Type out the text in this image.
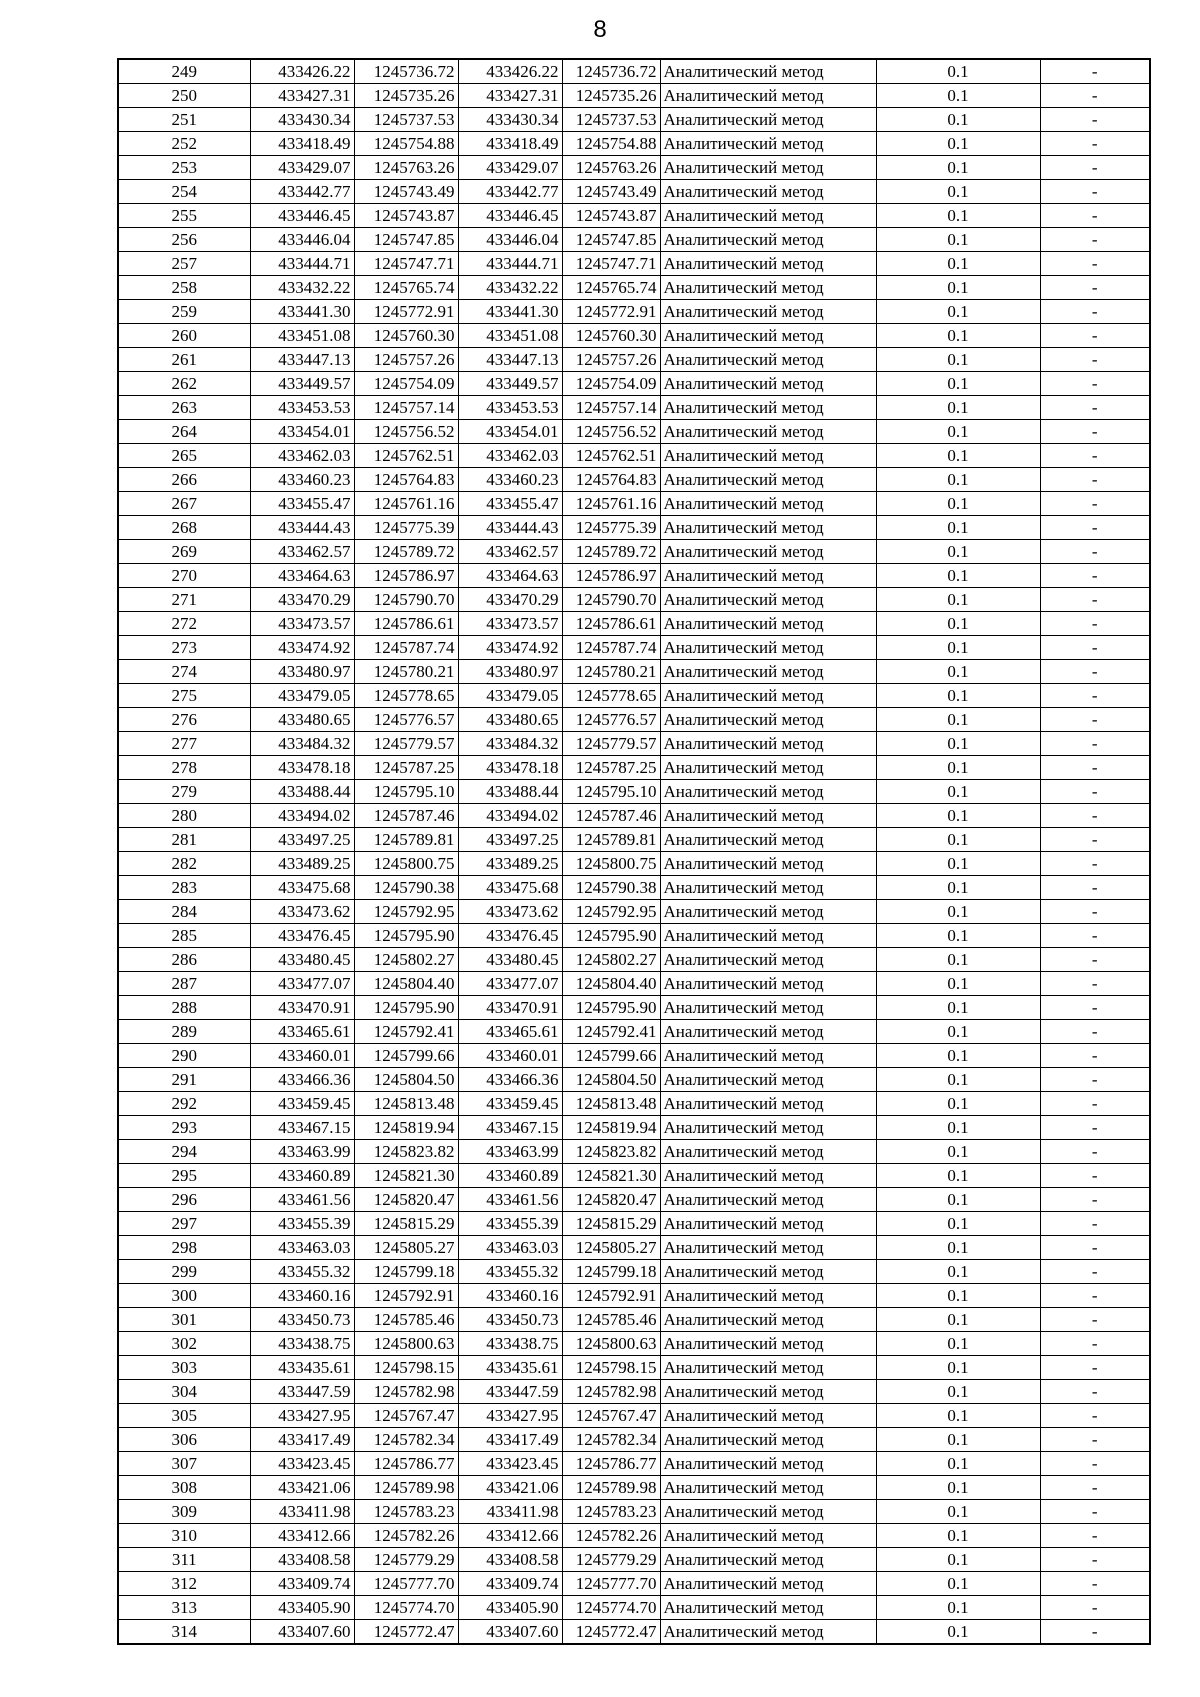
8
249	433426.22	1245736.72	433426.22	1245736.72	Аналитический метод	0.1	-
250	433427.31	1245735.26	433427.31	1245735.26	Аналитический метод	0.1	-
251	433430.34	1245737.53	433430.34	1245737.53	Аналитический метод	0.1	-
252	433418.49	1245754.88	433418.49	1245754.88	Аналитический метод	0.1	-
253	433429.07	1245763.26	433429.07	1245763.26	Аналитический метод	0.1	-
254	433442.77	1245743.49	433442.77	1245743.49	Аналитический метод	0.1	-
255	433446.45	1245743.87	433446.45	1245743.87	Аналитический метод	0.1	-
256	433446.04	1245747.85	433446.04	1245747.85	Аналитический метод	0.1	-
257	433444.71	1245747.71	433444.71	1245747.71	Аналитический метод	0.1	-
258	433432.22	1245765.74	433432.22	1245765.74	Аналитический метод	0.1	-
259	433441.30	1245772.91	433441.30	1245772.91	Аналитический метод	0.1	-
260	433451.08	1245760.30	433451.08	1245760.30	Аналитический метод	0.1	-
261	433447.13	1245757.26	433447.13	1245757.26	Аналитический метод	0.1	-
262	433449.57	1245754.09	433449.57	1245754.09	Аналитический метод	0.1	-
263	433453.53	1245757.14	433453.53	1245757.14	Аналитический метод	0.1	-
264	433454.01	1245756.52	433454.01	1245756.52	Аналитический метод	0.1	-
265	433462.03	1245762.51	433462.03	1245762.51	Аналитический метод	0.1	-
266	433460.23	1245764.83	433460.23	1245764.83	Аналитический метод	0.1	-
267	433455.47	1245761.16	433455.47	1245761.16	Аналитический метод	0.1	-
268	433444.43	1245775.39	433444.43	1245775.39	Аналитический метод	0.1	-
269	433462.57	1245789.72	433462.57	1245789.72	Аналитический метод	0.1	-
270	433464.63	1245786.97	433464.63	1245786.97	Аналитический метод	0.1	-
271	433470.29	1245790.70	433470.29	1245790.70	Аналитический метод	0.1	-
272	433473.57	1245786.61	433473.57	1245786.61	Аналитический метод	0.1	-
273	433474.92	1245787.74	433474.92	1245787.74	Аналитический метод	0.1	-
274	433480.97	1245780.21	433480.97	1245780.21	Аналитический метод	0.1	-
275	433479.05	1245778.65	433479.05	1245778.65	Аналитический метод	0.1	-
276	433480.65	1245776.57	433480.65	1245776.57	Аналитический метод	0.1	-
277	433484.32	1245779.57	433484.32	1245779.57	Аналитический метод	0.1	-
278	433478.18	1245787.25	433478.18	1245787.25	Аналитический метод	0.1	-
279	433488.44	1245795.10	433488.44	1245795.10	Аналитический метод	0.1	-
280	433494.02	1245787.46	433494.02	1245787.46	Аналитический метод	0.1	-
281	433497.25	1245789.81	433497.25	1245789.81	Аналитический метод	0.1	-
282	433489.25	1245800.75	433489.25	1245800.75	Аналитический метод	0.1	-
283	433475.68	1245790.38	433475.68	1245790.38	Аналитический метод	0.1	-
284	433473.62	1245792.95	433473.62	1245792.95	Аналитический метод	0.1	-
285	433476.45	1245795.90	433476.45	1245795.90	Аналитический метод	0.1	-
286	433480.45	1245802.27	433480.45	1245802.27	Аналитический метод	0.1	-
287	433477.07	1245804.40	433477.07	1245804.40	Аналитический метод	0.1	-
288	433470.91	1245795.90	433470.91	1245795.90	Аналитический метод	0.1	-
289	433465.61	1245792.41	433465.61	1245792.41	Аналитический метод	0.1	-
290	433460.01	1245799.66	433460.01	1245799.66	Аналитический метод	0.1	-
291	433466.36	1245804.50	433466.36	1245804.50	Аналитический метод	0.1	-
292	433459.45	1245813.48	433459.45	1245813.48	Аналитический метод	0.1	-
293	433467.15	1245819.94	433467.15	1245819.94	Аналитический метод	0.1	-
294	433463.99	1245823.82	433463.99	1245823.82	Аналитический метод	0.1	-
295	433460.89	1245821.30	433460.89	1245821.30	Аналитический метод	0.1	-
296	433461.56	1245820.47	433461.56	1245820.47	Аналитический метод	0.1	-
297	433455.39	1245815.29	433455.39	1245815.29	Аналитический метод	0.1	-
298	433463.03	1245805.27	433463.03	1245805.27	Аналитический метод	0.1	-
299	433455.32	1245799.18	433455.32	1245799.18	Аналитический метод	0.1	-
300	433460.16	1245792.91	433460.16	1245792.91	Аналитический метод	0.1	-
301	433450.73	1245785.46	433450.73	1245785.46	Аналитический метод	0.1	-
302	433438.75	1245800.63	433438.75	1245800.63	Аналитический метод	0.1	-
303	433435.61	1245798.15	433435.61	1245798.15	Аналитический метод	0.1	-
304	433447.59	1245782.98	433447.59	1245782.98	Аналитический метод	0.1	-
305	433427.95	1245767.47	433427.95	1245767.47	Аналитический метод	0.1	-
306	433417.49	1245782.34	433417.49	1245782.34	Аналитический метод	0.1	-
307	433423.45	1245786.77	433423.45	1245786.77	Аналитический метод	0.1	-
308	433421.06	1245789.98	433421.06	1245789.98	Аналитический метод	0.1	-
309	433411.98	1245783.23	433411.98	1245783.23	Аналитический метод	0.1	-
310	433412.66	1245782.26	433412.66	1245782.26	Аналитический метод	0.1	-
311	433408.58	1245779.29	433408.58	1245779.29	Аналитический метод	0.1	-
312	433409.74	1245777.70	433409.74	1245777.70	Аналитический метод	0.1	-
313	433405.90	1245774.70	433405.90	1245774.70	Аналитический метод	0.1	-
314	433407.60	1245772.47	433407.60	1245772.47	Аналитический метод	0.1	-
